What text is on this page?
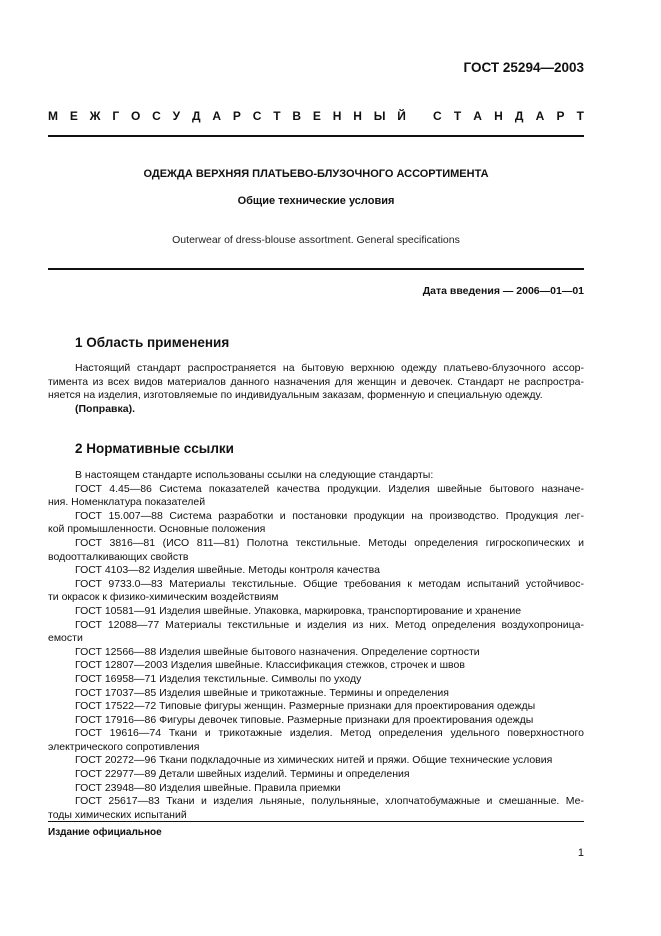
ГОСТ 25294—2003
М Е Ж Г О С У Д А Р С Т В Е Н Н Ы Й С Т А Н Д А Р Т
ОДЕЖДА ВЕРХНЯЯ ПЛАТЬЕВО-БЛУЗОЧНОГО АССОРТИМЕНТА
Общие технические условия
Outerwear of dress-blouse assortment. General specifications
Дата введения — 2006—01—01
1 Область применения
Настоящий стандарт распространяется на бытовую верхнюю одежду платьево-блузочного ассор-
тимента из всех видов материалов данного назначения для женщин и девочек. Стандарт не распростра-
няется на изделия, изготовляемые по индивидуальным заказам, форменную и специальную одежду.
(Поправка).
2 Нормативные ссылки
В настоящем стандарте использованы ссылки на следующие стандарты:
ГОСТ 4.45—86 Система показателей качества продукции. Изделия швейные бытового назначе-
ния. Номенклатура показателей
ГОСТ 15.007—88 Система разработки и постановки продукции на производство. Продукция лег-
кой промышленности. Основные положения
ГОСТ 3816—81 (ИСО 811—81) Полотна текстильные. Методы определения гигроскопических и
водоотталкивающих свойств
ГОСТ 4103—82 Изделия швейные. Методы контроля качества
ГОСТ 9733.0—83 Материалы текстильные. Общие требования к методам испытаний устойчивос-
ти окрасок к физико-химическим воздействиям
ГОСТ 10581—91 Изделия швейные. Упаковка, маркировка, транспортирование и хранение
ГОСТ 12088—77 Материалы текстильные и изделия из них. Метод определения воздухопроница-
емости
ГОСТ 12566—88 Изделия швейные бытового назначения. Определение сортности
ГОСТ 12807—2003 Изделия швейные. Классификация стежков, строчек и швов
ГОСТ 16958—71 Изделия текстильные. Символы по уходу
ГОСТ 17037—85 Изделия швейные и трикотажные. Термины и определения
ГОСТ 17522—72 Типовые фигуры женщин. Размерные признаки для проектирования одежды
ГОСТ 17916—86 Фигуры девочек типовые. Размерные признаки для проектирования одежды
ГОСТ 19616—74 Ткани и трикотажные изделия. Метод определения удельного поверхностного
электрического сопротивления
ГОСТ 20272—96 Ткани подкладочные из химических нитей и пряжи. Общие технические условия
ГОСТ 22977—89 Детали швейных изделий. Термины и определения
ГОСТ 23948—80 Изделия швейные. Правила приемки
ГОСТ 25617—83 Ткани и изделия льняные, полульняные, хлопчатобумажные и смешанные. Ме-
тоды химических испытаний
Издание официальное
1
